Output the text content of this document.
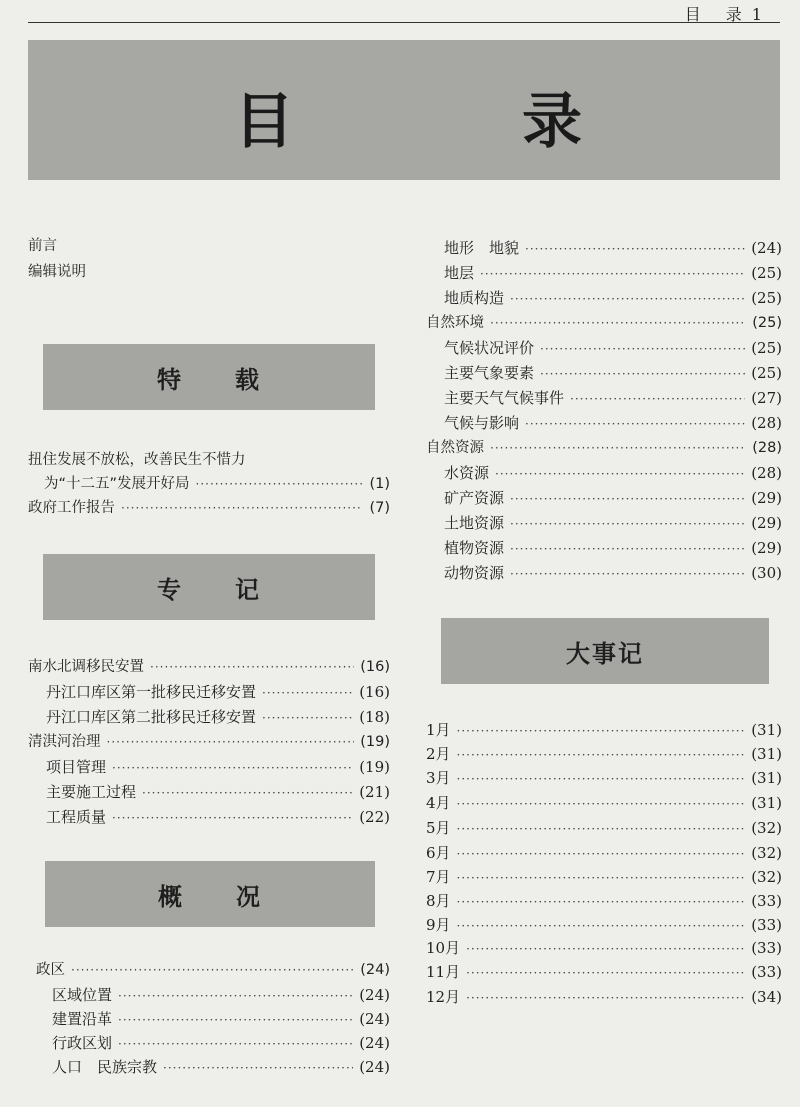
目 录1
目	录
前言
编辑说明
特 载
扭住发展不放松，改善民生不惜力
为“十二五”发展开好局 ·····	(1)
政府工作报告 ·····	(7)
专 记
南水北调移民安置 ·····	(16)
丹江口库区第一批移民迁移安置 ·····	(16)
丹江口库区第二批移民迁移安置 ·····	(18)
清淇河治理 ·····	(19)
项目管理 ·····	(19)
主要施工过程 ·····	(21)
工程质量 ·····	(22)
概 况
政区 ·····	(24)
区域位置 ·····	(24)
建置沿革 ·····	(24)
行政区划 ·····	(24)
人口　民族宗教 ·····	(24)
地形　地貌 ·····	(24)
地层 ·····	(25)
地质构造 ·····	(25)
自然环境 ·····	(25)
气候状况评价 ·····	(25)
主要气象要素 ·····	(25)
主要天气气候事件 ·····	(27)
气候与影响 ·····	(28)
自然资源 ·····	(28)
水资源 ·····	(28)
矿产资源 ·····	(29)
土地资源 ·····	(29)
植物资源 ·····	(29)
动物资源 ·····	(30)
大事记
1月 ·····	(31)
2月 ·····	(31)
3月 ·····	(31)
4月 ·····	(31)
5月 ·····	(32)
6月 ·····	(32)
7月 ·····	(32)
8月 ·····	(33)
9月 ·····	(33)
10月 ·····	(33)
11月 ·····	(33)
12月 ·····	(34)
